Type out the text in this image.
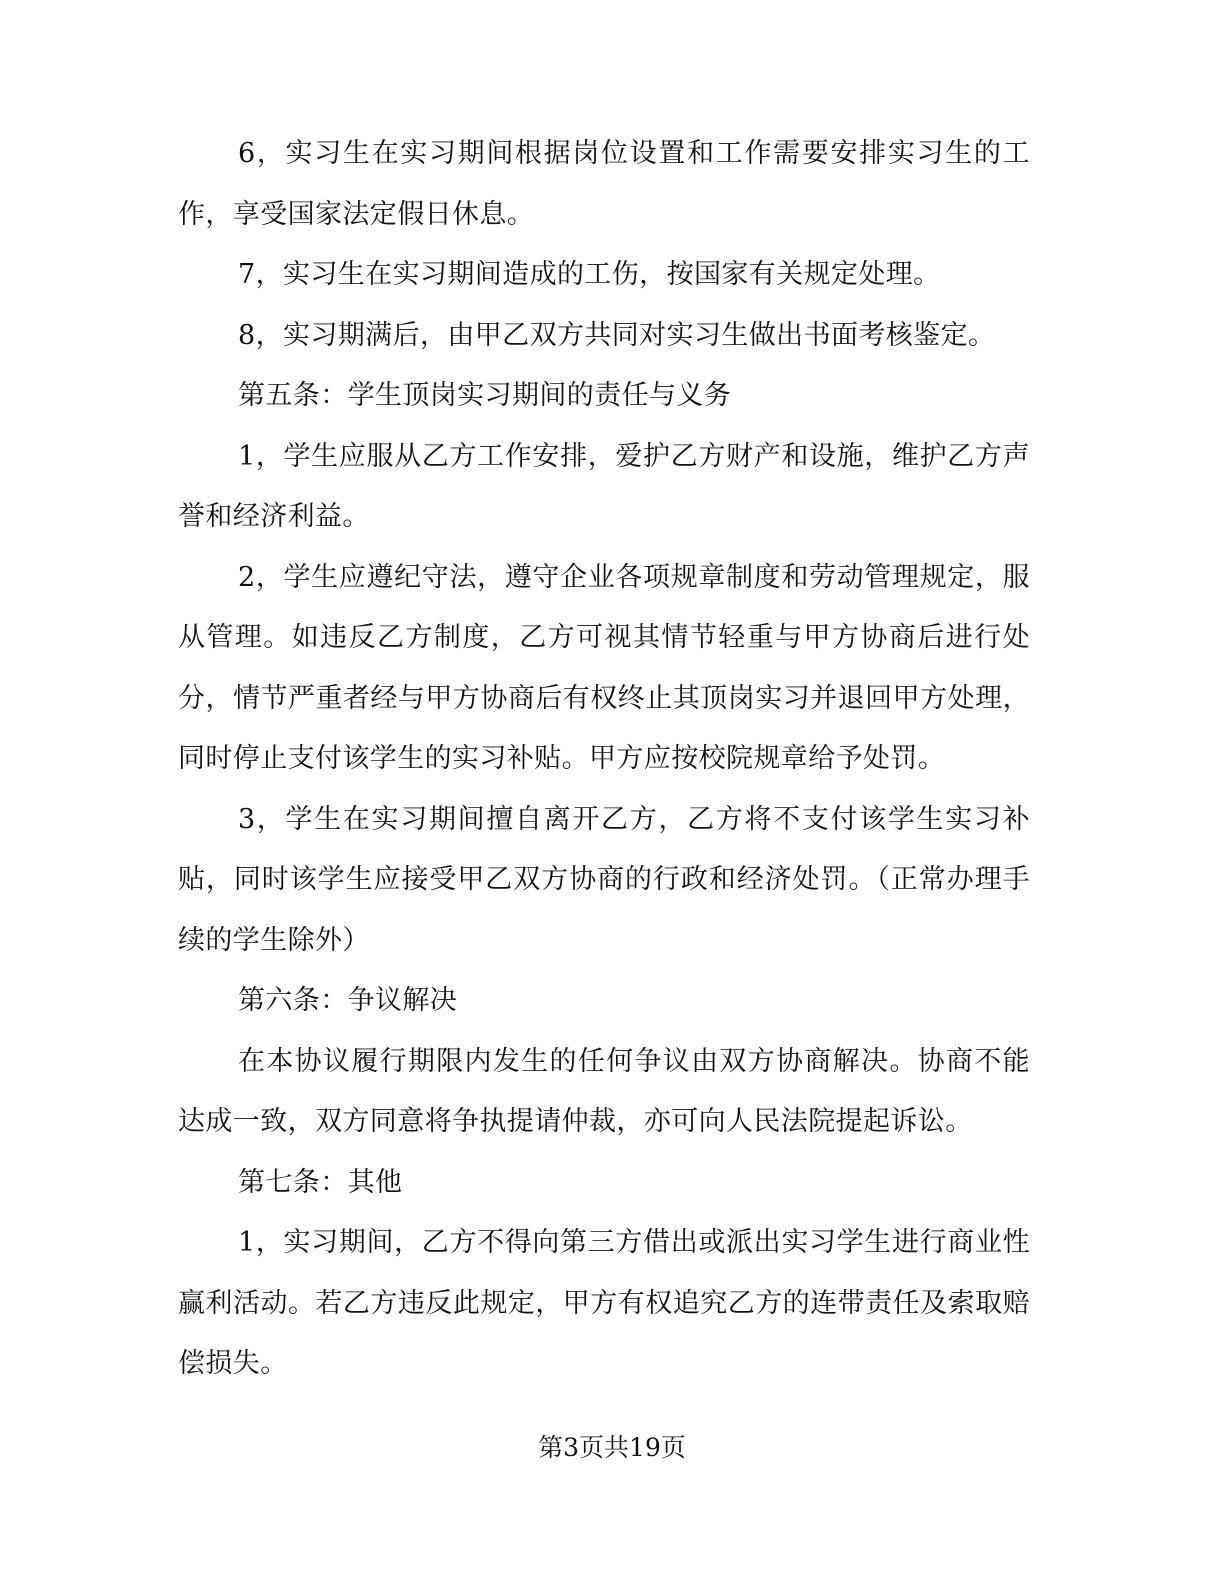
6，实习生在实习期间根据岗位设置和工作需要安排实习生的工作，享受国家法定假日休息。

7，实习生在实习期间造成的工伤，按国家有关规定处理。

8，实习期满后，由甲乙双方共同对实习生做出书面考核鉴定。

第五条：学生顶岗实习期间的责任与义务

1，学生应服从乙方工作安排，爱护乙方财产和设施，维护乙方声誉和经济利益。

2，学生应遵纪守法，遵守企业各项规章制度和劳动管理规定，服从管理。如违反乙方制度，乙方可视其情节轻重与甲方协商后进行处分，情节严重者经与甲方协商后有权终止其顶岗实习并退回甲方处理，同时停止支付该学生的实习补贴。甲方应按校院规章给予处罚。

3，学生在实习期间擅自离开乙方，乙方将不支付该学生实习补贴，同时该学生应接受甲乙双方协商的行政和经济处罚。（正常办理手续的学生除外）

第六条：争议解决

在本协议履行期限内发生的任何争议由双方协商解决。协商不能达成一致，双方同意将争执提请仲裁，亦可向人民法院提起诉讼。

第七条：其他

1，实习期间，乙方不得向第三方借出或派出实习学生进行商业性赢利活动。若乙方违反此规定，甲方有权追究乙方的连带责任及索取赔偿损失。

第3页共19页
